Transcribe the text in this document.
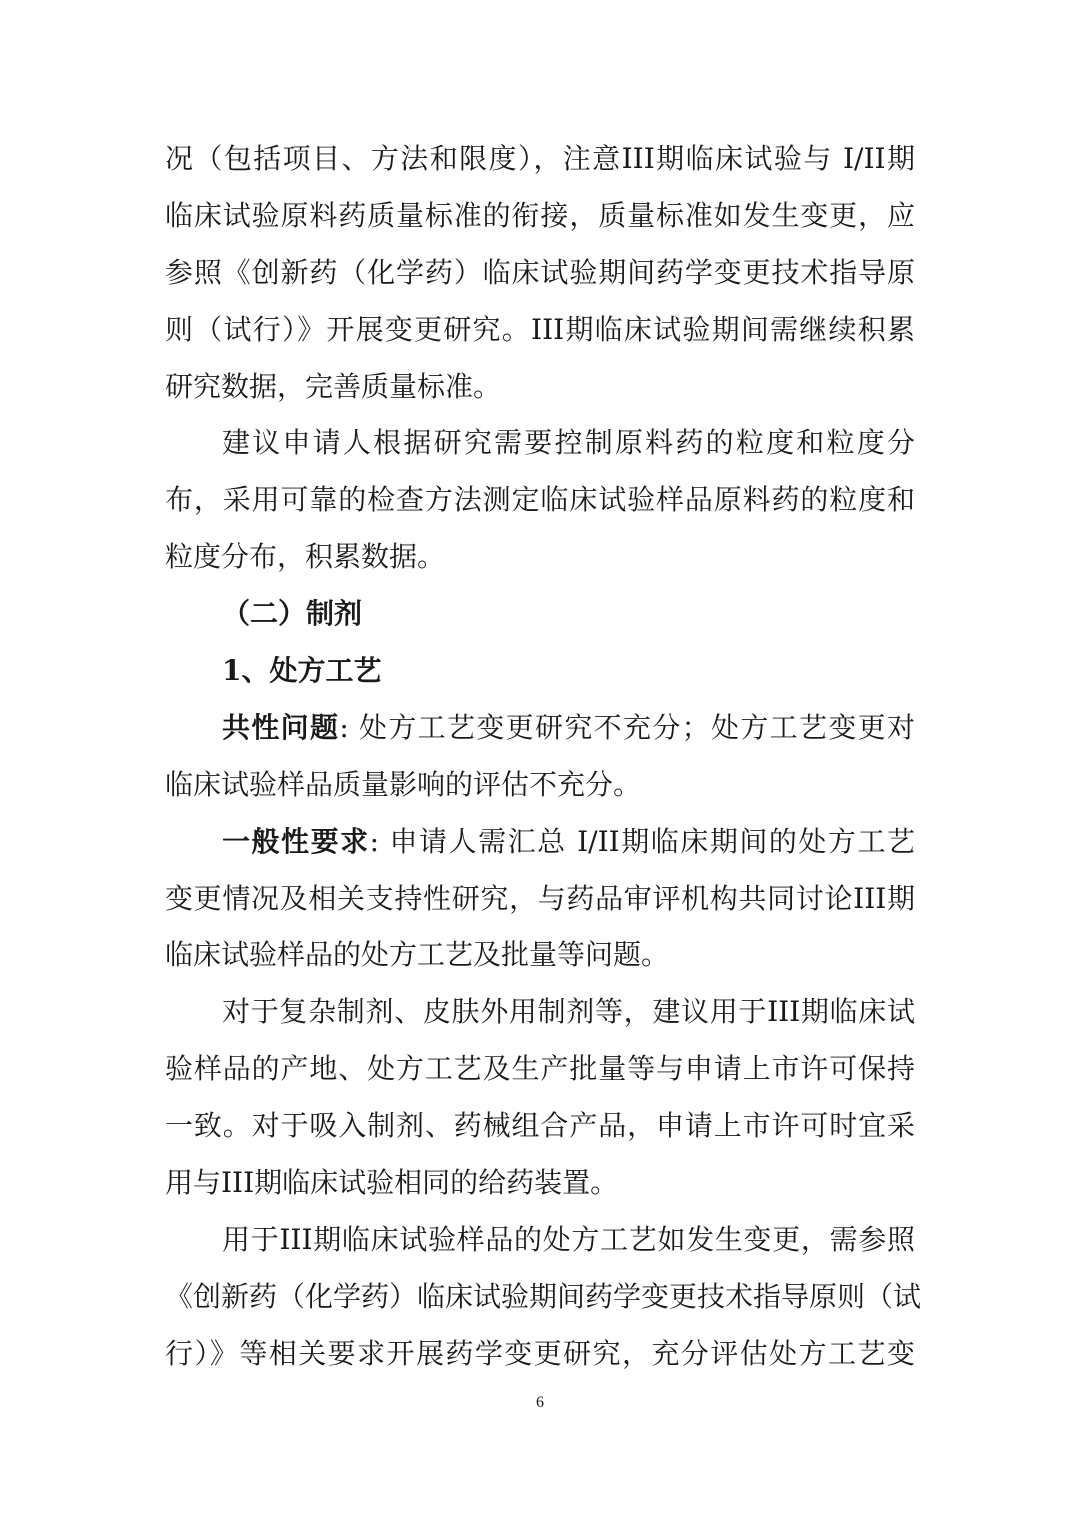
况（包括项目、方法和限度），注意III期临床试验与 I/II期
临床试验原料药质量标准的衔接，质量标准如发生变更，应
参照《创新药（化学药）临床试验期间药学变更技术指导原
则（试行）》开展变更研究。III期临床试验期间需继续积累
研究数据，完善质量标准。
建议申请人根据研究需要控制原料药的粒度和粒度分
布，采用可靠的检查方法测定临床试验样品原料药的粒度和
粒度分布，积累数据。
（二）制剂
1、处方工艺
共性问题: 处方工艺变更研究不充分；处方工艺变更对
临床试验样品质量影响的评估不充分。
一般性要求: 申请人需汇总 I/II期临床期间的处方工艺
变更情况及相关支持性研究，与药品审评机构共同讨论III期
临床试验样品的处方工艺及批量等问题。
对于复杂制剂、皮肤外用制剂等，建议用于III期临床试
验样品的产地、处方工艺及生产批量等与申请上市许可保持
一致。对于吸入制剂、药械组合产品，申请上市许可时宜采
用与III期临床试验相同的给药装置。
用于III期临床试验样品的处方工艺如发生变更，需参照
《创新药（化学药）临床试验期间药学变更技术指导原则（试
行）》等相关要求开展药学变更研究，充分评估处方工艺变
6
